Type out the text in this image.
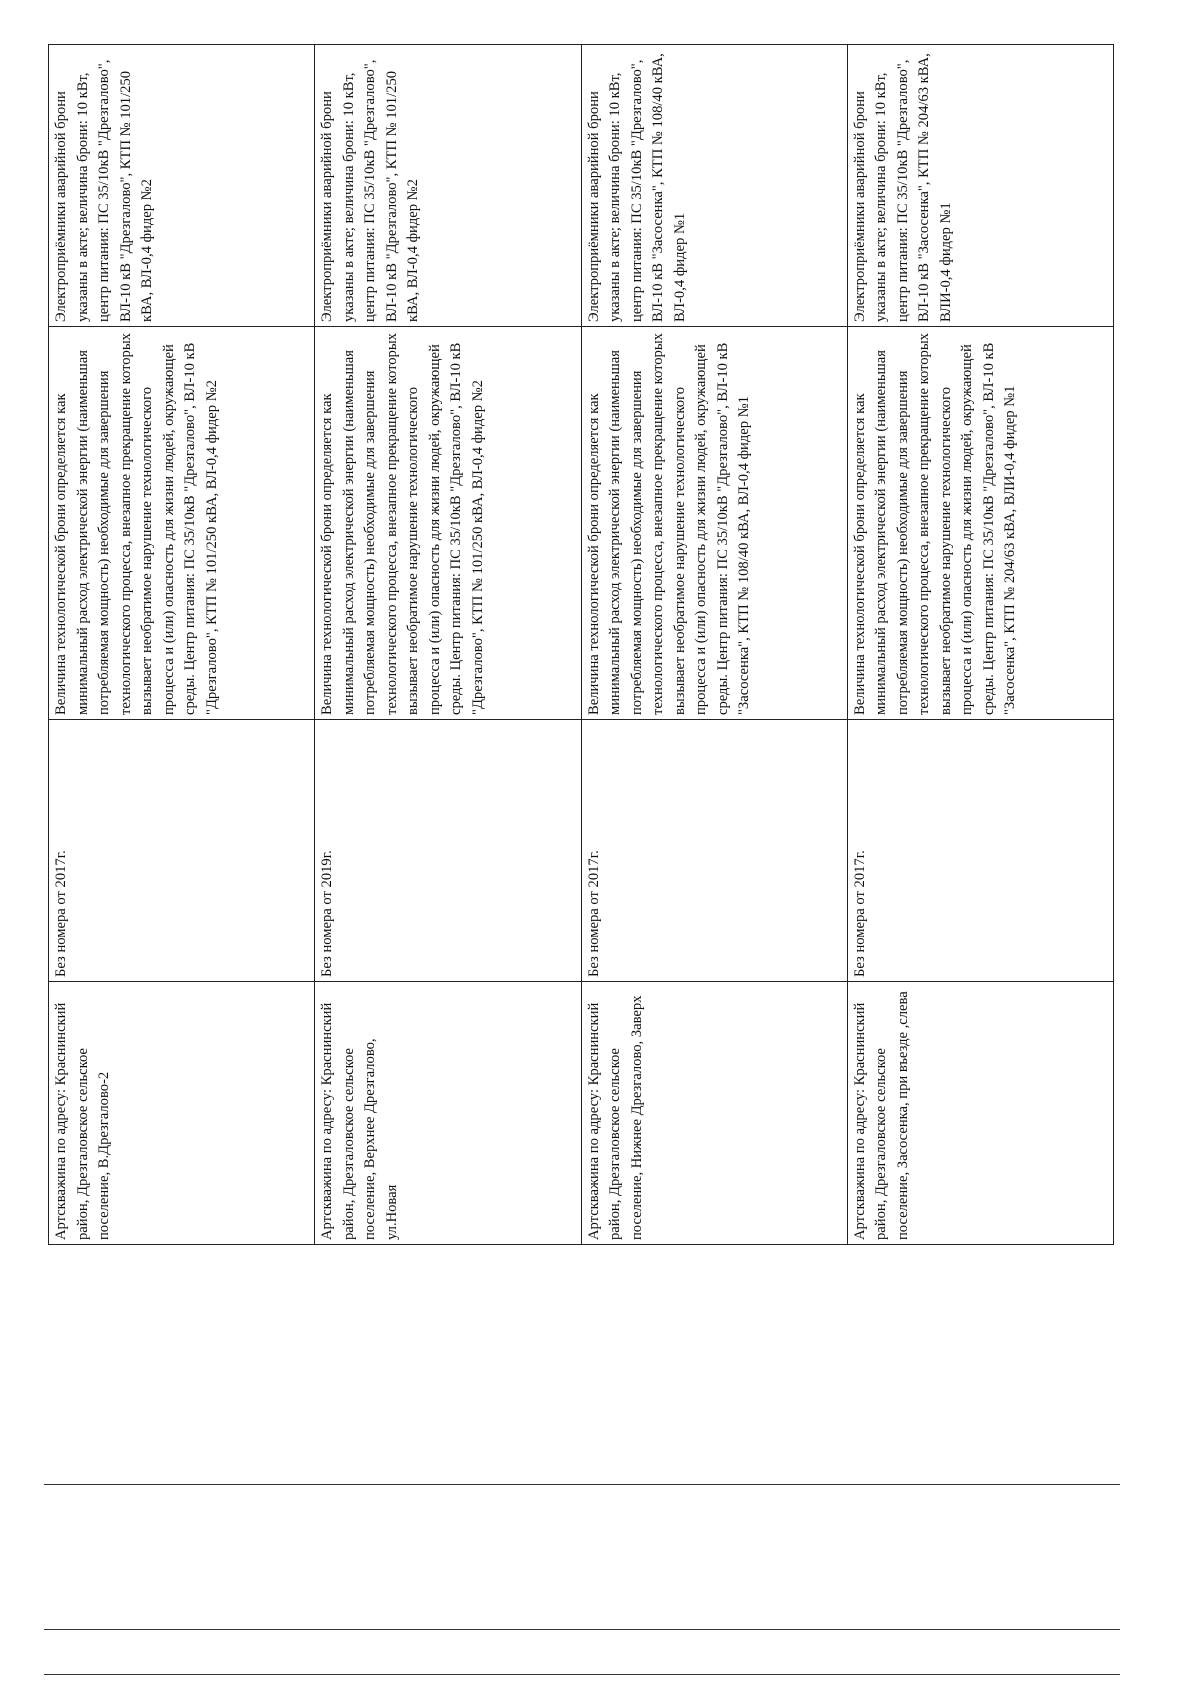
Артскважина по адресу: Краснинский район, Дрезгаловское сельское поселение, В.Дрезгалово-2	Без номера от 2017г.	Величина технологической брони определяется как минимальный расход электрической энергии (наименьшая потребляемая мощность) необходимые для завершения технологического процесса, внезапное прекращение которых вызывает необратимое нарушение технологического процесса и (или) опасность для жизни людей, окружающей среды. Центр питания: ПС 35/10кВ "Дрезгалово", ВЛ-10 кВ "Дрезгалово", КТП № 101/250 кВА, ВЛ-0,4 фидер №2	Электроприёмники аварийной брони указаны в акте; величина брони: 10 кВт, центр питания: ПС 35/10кВ "Дрезгалово", ВЛ-10 кВ "Дрезгалово", КТП № 101/250 кВА, ВЛ-0,4 фидер №2
Артскважина по адресу: Краснинский район, Дрезгаловское сельское поселение, Верхнее Дрезгалово, ул.Новая	Без номера от 2019г.	Величина технологической брони определяется как минимальный расход электрической энергии (наименьшая потребляемая мощность) необходимые для завершения технологического процесса, внезапное прекращение которых вызывает необратимое нарушение технологического процесса и (или) опасность для жизни людей, окружающей среды. Центр питания: ПС 35/10кВ "Дрезгалово", ВЛ-10 кВ "Дрезгалово", КТП № 101/250 кВА, ВЛ-0,4 фидер №2	Электроприёмники аварийной брони указаны в акте; величина брони: 10 кВт, центр питания: ПС 35/10кВ "Дрезгалово", ВЛ-10 кВ "Дрезгалово", КТП № 101/250 кВА, ВЛ-0,4 фидер №2
Артскважина по адресу: Краснинский район, Дрезгаловское сельское поселение, Нижнее Дрезгалово, Заверх	Без номера от 2017г.	Величина технологической брони определяется как минимальный расход электрической энергии (наименьшая потребляемая мощность) необходимые для завершения технологического процесса, внезапное прекращение которых вызывает необратимое нарушение технологического процесса и (или) опасность для жизни людей, окружающей среды. Центр питания: ПС 35/10кВ "Дрезгалово", ВЛ-10 кВ "Засосенка", КТП № 108/40 кВА, ВЛ-0,4 фидер №1	Электроприёмники аварийной брони указаны в акте; величина брони: 10 кВт, центр питания: ПС 35/10кВ "Дрезгалово", ВЛ-10 кВ "Засосенка", КТП № 108/40 кВА, ВЛ-0,4 фидер №1
Артскважина по адресу: Краснинский район, Дрезгаловское сельское поселение, Засосенка, при въезде ,слева	Без номера от 2017г.	Величина технологической брони определяется как минимальный расход электрической энергии (наименьшая потребляемая мощность) необходимые для завершения технологического процесса, внезапное прекращение которых вызывает необратимое нарушение технологического процесса и (или) опасность для жизни людей, окружающей среды. Центр питания: ПС 35/10кВ "Дрезгалово", ВЛ-10 кВ "Засосенка", КТП № 204/63 кВА, ВЛИ-0,4 фидер №1	Электроприёмники аварийной брони указаны в акте; величина брони: 10 кВт, центр питания: ПС 35/10кВ "Дрезгалово", ВЛ-10 кВ "Засосенка", КТП № 204/63 кВА, ВЛИ-0,4 фидер №1
